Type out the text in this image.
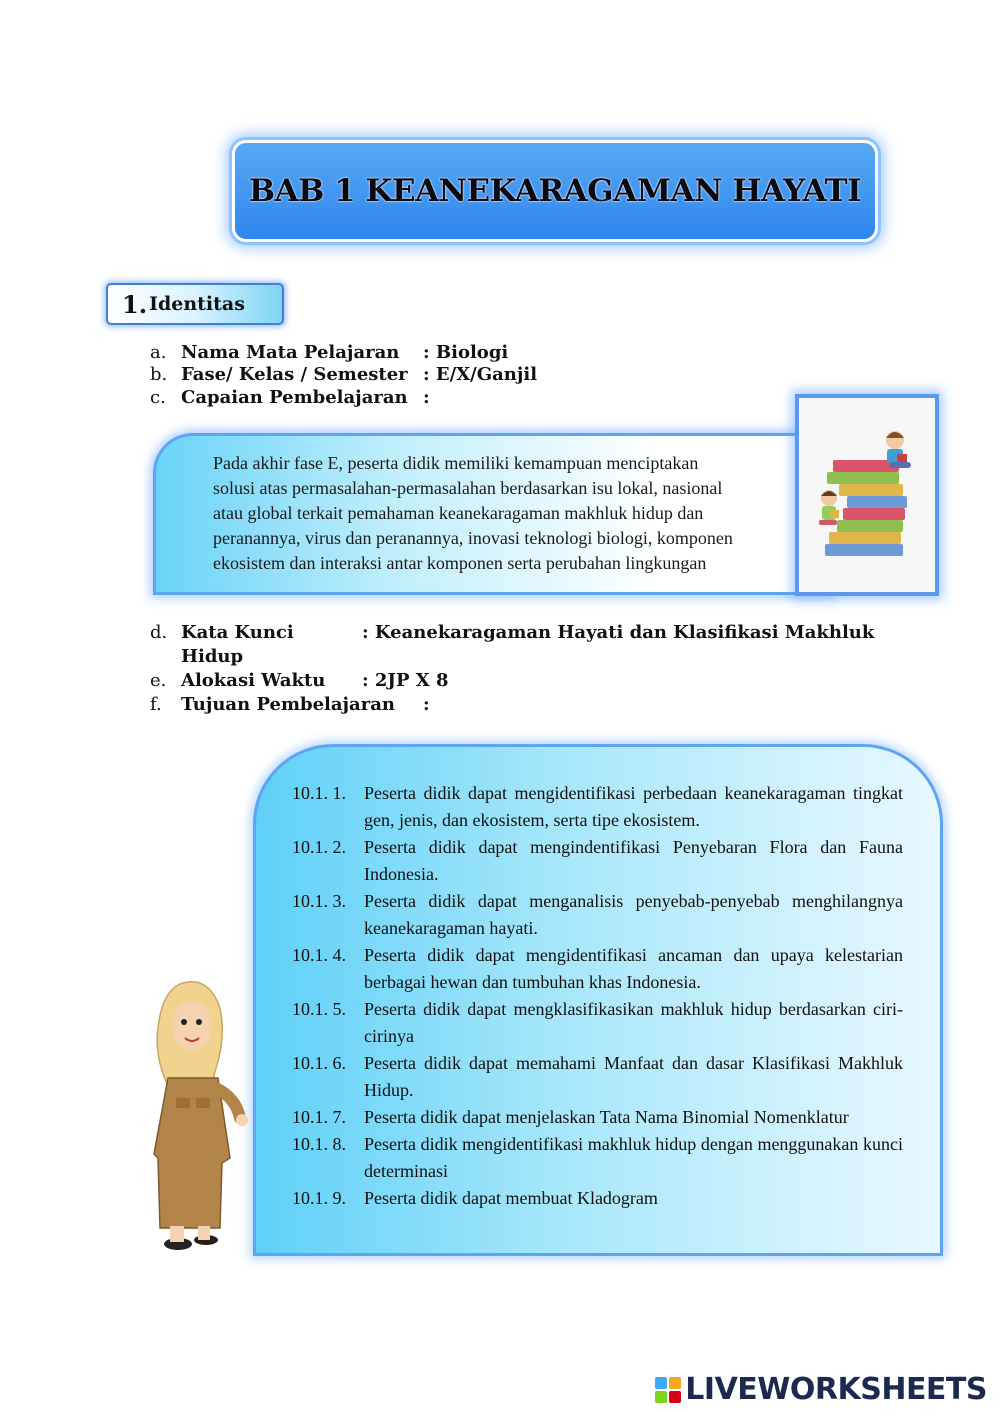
BAB 1 KEANEKARAGAMAN HAYATI
1. Identitas
a. Nama Mata Pelajaran : Biologi
b. Fase/ Kelas / Semester : E/X/Ganjil
c. Capaian Pembelajaran :
Pada akhir fase E, peserta didik memiliki kemampuan menciptakan
solusi atas permasalahan-permasalahan berdasarkan isu lokal, nasional
atau global terkait pemahaman keanekaragaman makhluk hidup dan
peranannya, virus dan peranannya, inovasi teknologi biologi, komponen
ekosistem dan interaksi antar komponen serta perubahan lingkungan
d. Kata Kunci	: Keanekaragaman Hayati dan Klasifikasi Makhluk
Hidup
e. Alokasi Waktu : 2JP X 8
f. Tujuan Pembelajaran :
10.1. 1. Peserta didik dapat mengidentifikasi perbedaan keanekaragaman tingkat gen, jenis, dan ekosistem, serta tipe ekosistem.
10.1. 2. Peserta didik dapat mengindentifikasi Penyebaran Flora dan Fauna Indonesia.
10.1. 3. Peserta didik dapat menganalisis penyebab-penyebab menghilangnya keanekaragaman hayati.
10.1. 4. Peserta didik dapat mengidentifikasi ancaman dan upaya kelestarian berbagai hewan dan tumbuhan khas Indonesia.
10.1. 5. Peserta didik dapat mengklasifikasikan makhluk hidup berdasarkan ciri-cirinya
10.1. 6. Peserta didik dapat memahami Manfaat dan dasar Klasifikasi Makhluk Hidup.
10.1. 7. Peserta didik dapat menjelaskan Tata Nama Binomial Nomenklatur
10.1. 8. Peserta didik mengidentifikasi makhluk hidup dengan menggunakan kunci determinasi
10.1. 9. Peserta didik dapat membuat Kladogram
LIVEWORKSHEETS
